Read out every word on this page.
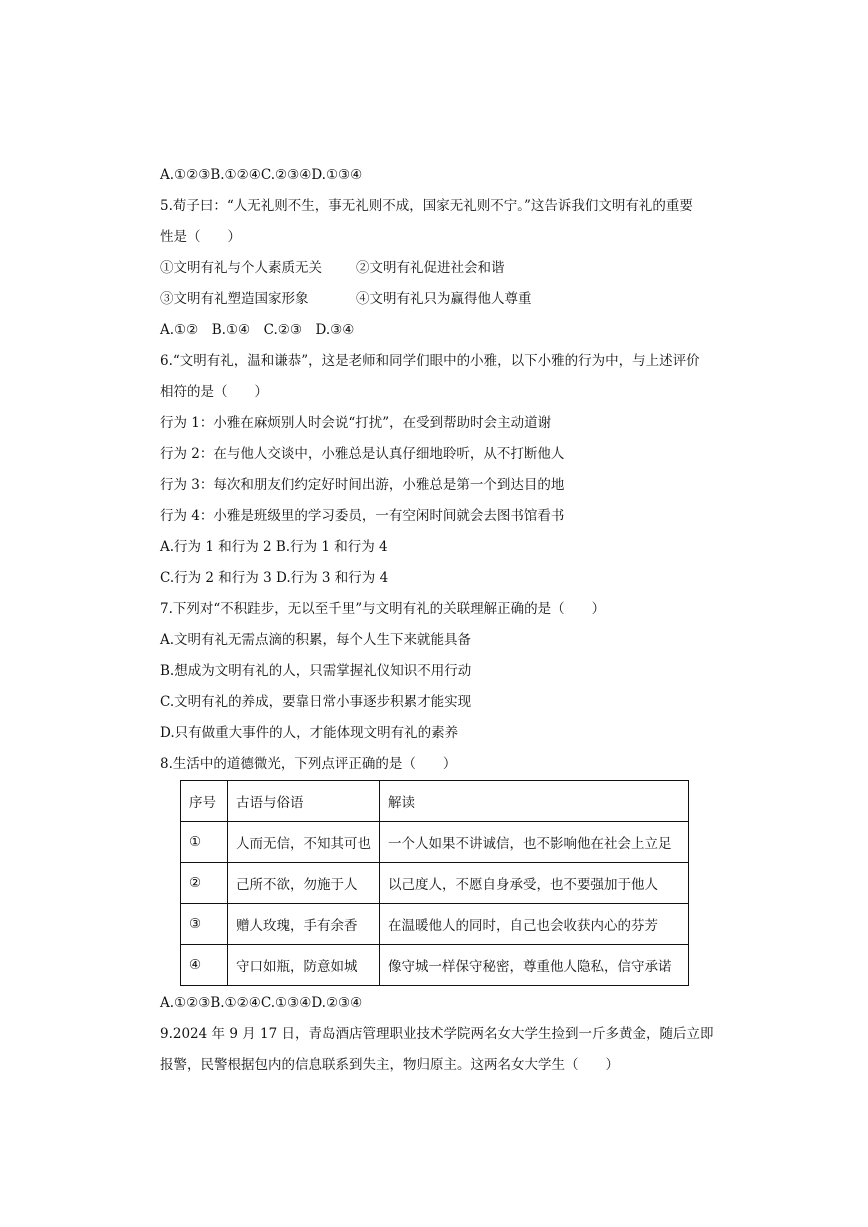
A.①②③B.①②④C.②③④D.①③④
5.荀子曰：“人无礼则不生，事无礼则不成，国家无礼则不宁。”这告诉我们文明有礼的重要
性是（　　）
①文明有礼与个人素质无关	②文明有礼促进社会和谐
③文明有礼塑造国家形象	④文明有礼只为赢得他人尊重
A.①②　B.①④　C.②③　D.③④
6.“文明有礼，温和谦恭”，这是老师和同学们眼中的小雅，以下小雅的行为中，与上述评价
相符的是（　　）
行为 1：小雅在麻烦别人时会说“打扰”，在受到帮助时会主动道谢
行为 2：在与他人交谈中，小雅总是认真仔细地聆听，从不打断他人
行为 3：每次和朋友们约定好时间出游，小雅总是第一个到达目的地
行为 4：小雅是班级里的学习委员，一有空闲时间就会去图书馆看书
A.行为 1 和行为 2 B.行为 1 和行为 4
C.行为 2 和行为 3 D.行为 3 和行为 4
7.下列对“不积跬步，无以至千里”与文明有礼的关联理解正确的是（　　）
A.文明有礼无需点滴的积累，每个人生下来就能具备
B.想成为文明有礼的人，只需掌握礼仪知识不用行动
C.文明有礼的养成，要靠日常小事逐步积累才能实现
D.只有做重大事件的人，才能体现文明有礼的素养
8.生活中的道德微光，下列点评正确的是（　　）
序号	古语与俗语	解读
①	人而无信，不知其可也	一个人如果不讲诚信，也不影响他在社会上立足
②	己所不欲，勿施于人	以己度人，不愿自身承受，也不要强加于他人
③	赠人玫瑰，手有余香	在温暖他人的同时，自己也会收获内心的芬芳
④	守口如瓶，防意如城	像守城一样保守秘密，尊重他人隐私，信守承诺
A.①②③B.①②④C.①③④D.②③④
9.2024 年 9 月 17 日，青岛酒店管理职业技术学院两名女大学生捡到一斤多黄金，随后立即
报警，民警根据包内的信息联系到失主，物归原主。这两名女大学生（　　）
